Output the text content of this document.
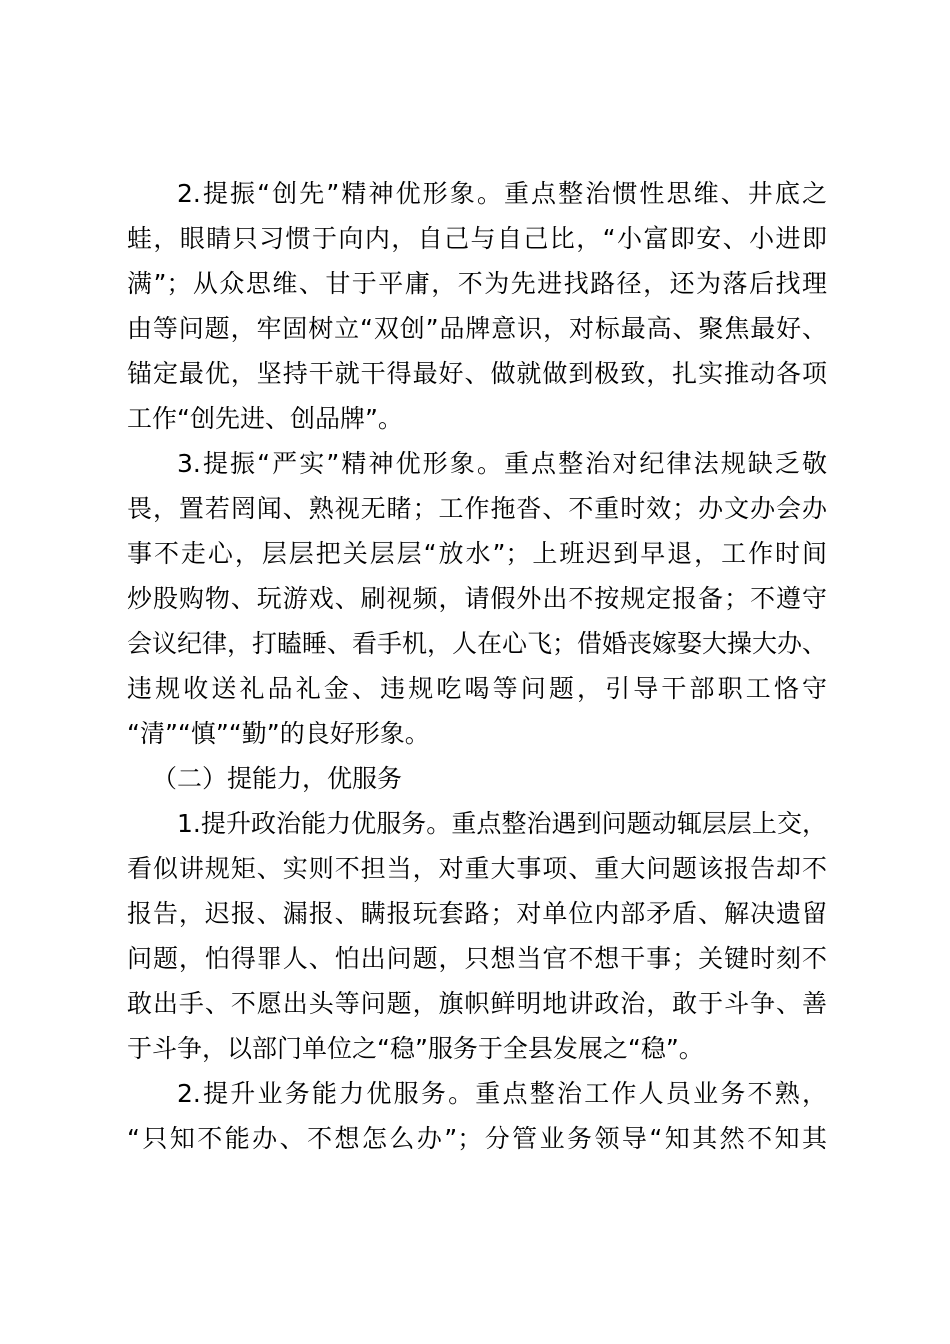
2.提振“创先”精神优形象。重点整治惯性思维、井底之
蛙，眼睛只习惯于向内，自己与自己比，“小富即安、小进即
满”；从众思维、甘于平庸，不为先进找路径，还为落后找理
由等问题，牢固树立“双创”品牌意识，对标最高、聚焦最好、
锚定最优，坚持干就干得最好、做就做到极致，扎实推动各项
工作“创先进、创品牌”。
3.提振“严实”精神优形象。重点整治对纪律法规缺乏敬
畏，置若罔闻、熟视无睹；工作拖沓、不重时效；办文办会办
事不走心，层层把关层层“放水”；上班迟到早退，工作时间
炒股购物、玩游戏、刷视频，请假外出不按规定报备；不遵守
会议纪律，打瞌睡、看手机，人在心飞；借婚丧嫁娶大操大办、
违规收送礼品礼金、违规吃喝等问题，引导干部职工恪守
“清”“慎”“勤”的良好形象。
（二）提能力，优服务
1.提升政治能力优服务。重点整治遇到问题动辄层层上交，
看似讲规矩、实则不担当，对重大事项、重大问题该报告却不
报告，迟报、漏报、瞒报玩套路；对单位内部矛盾、解决遗留
问题，怕得罪人、怕出问题，只想当官不想干事；关键时刻不
敢出手、不愿出头等问题，旗帜鲜明地讲政治，敢于斗争、善
于斗争，以部门单位之“稳”服务于全县发展之“稳”。
2.提升业务能力优服务。重点整治工作人员业务不熟，
“只知不能办、不想怎么办”；分管业务领导“知其然不知其
